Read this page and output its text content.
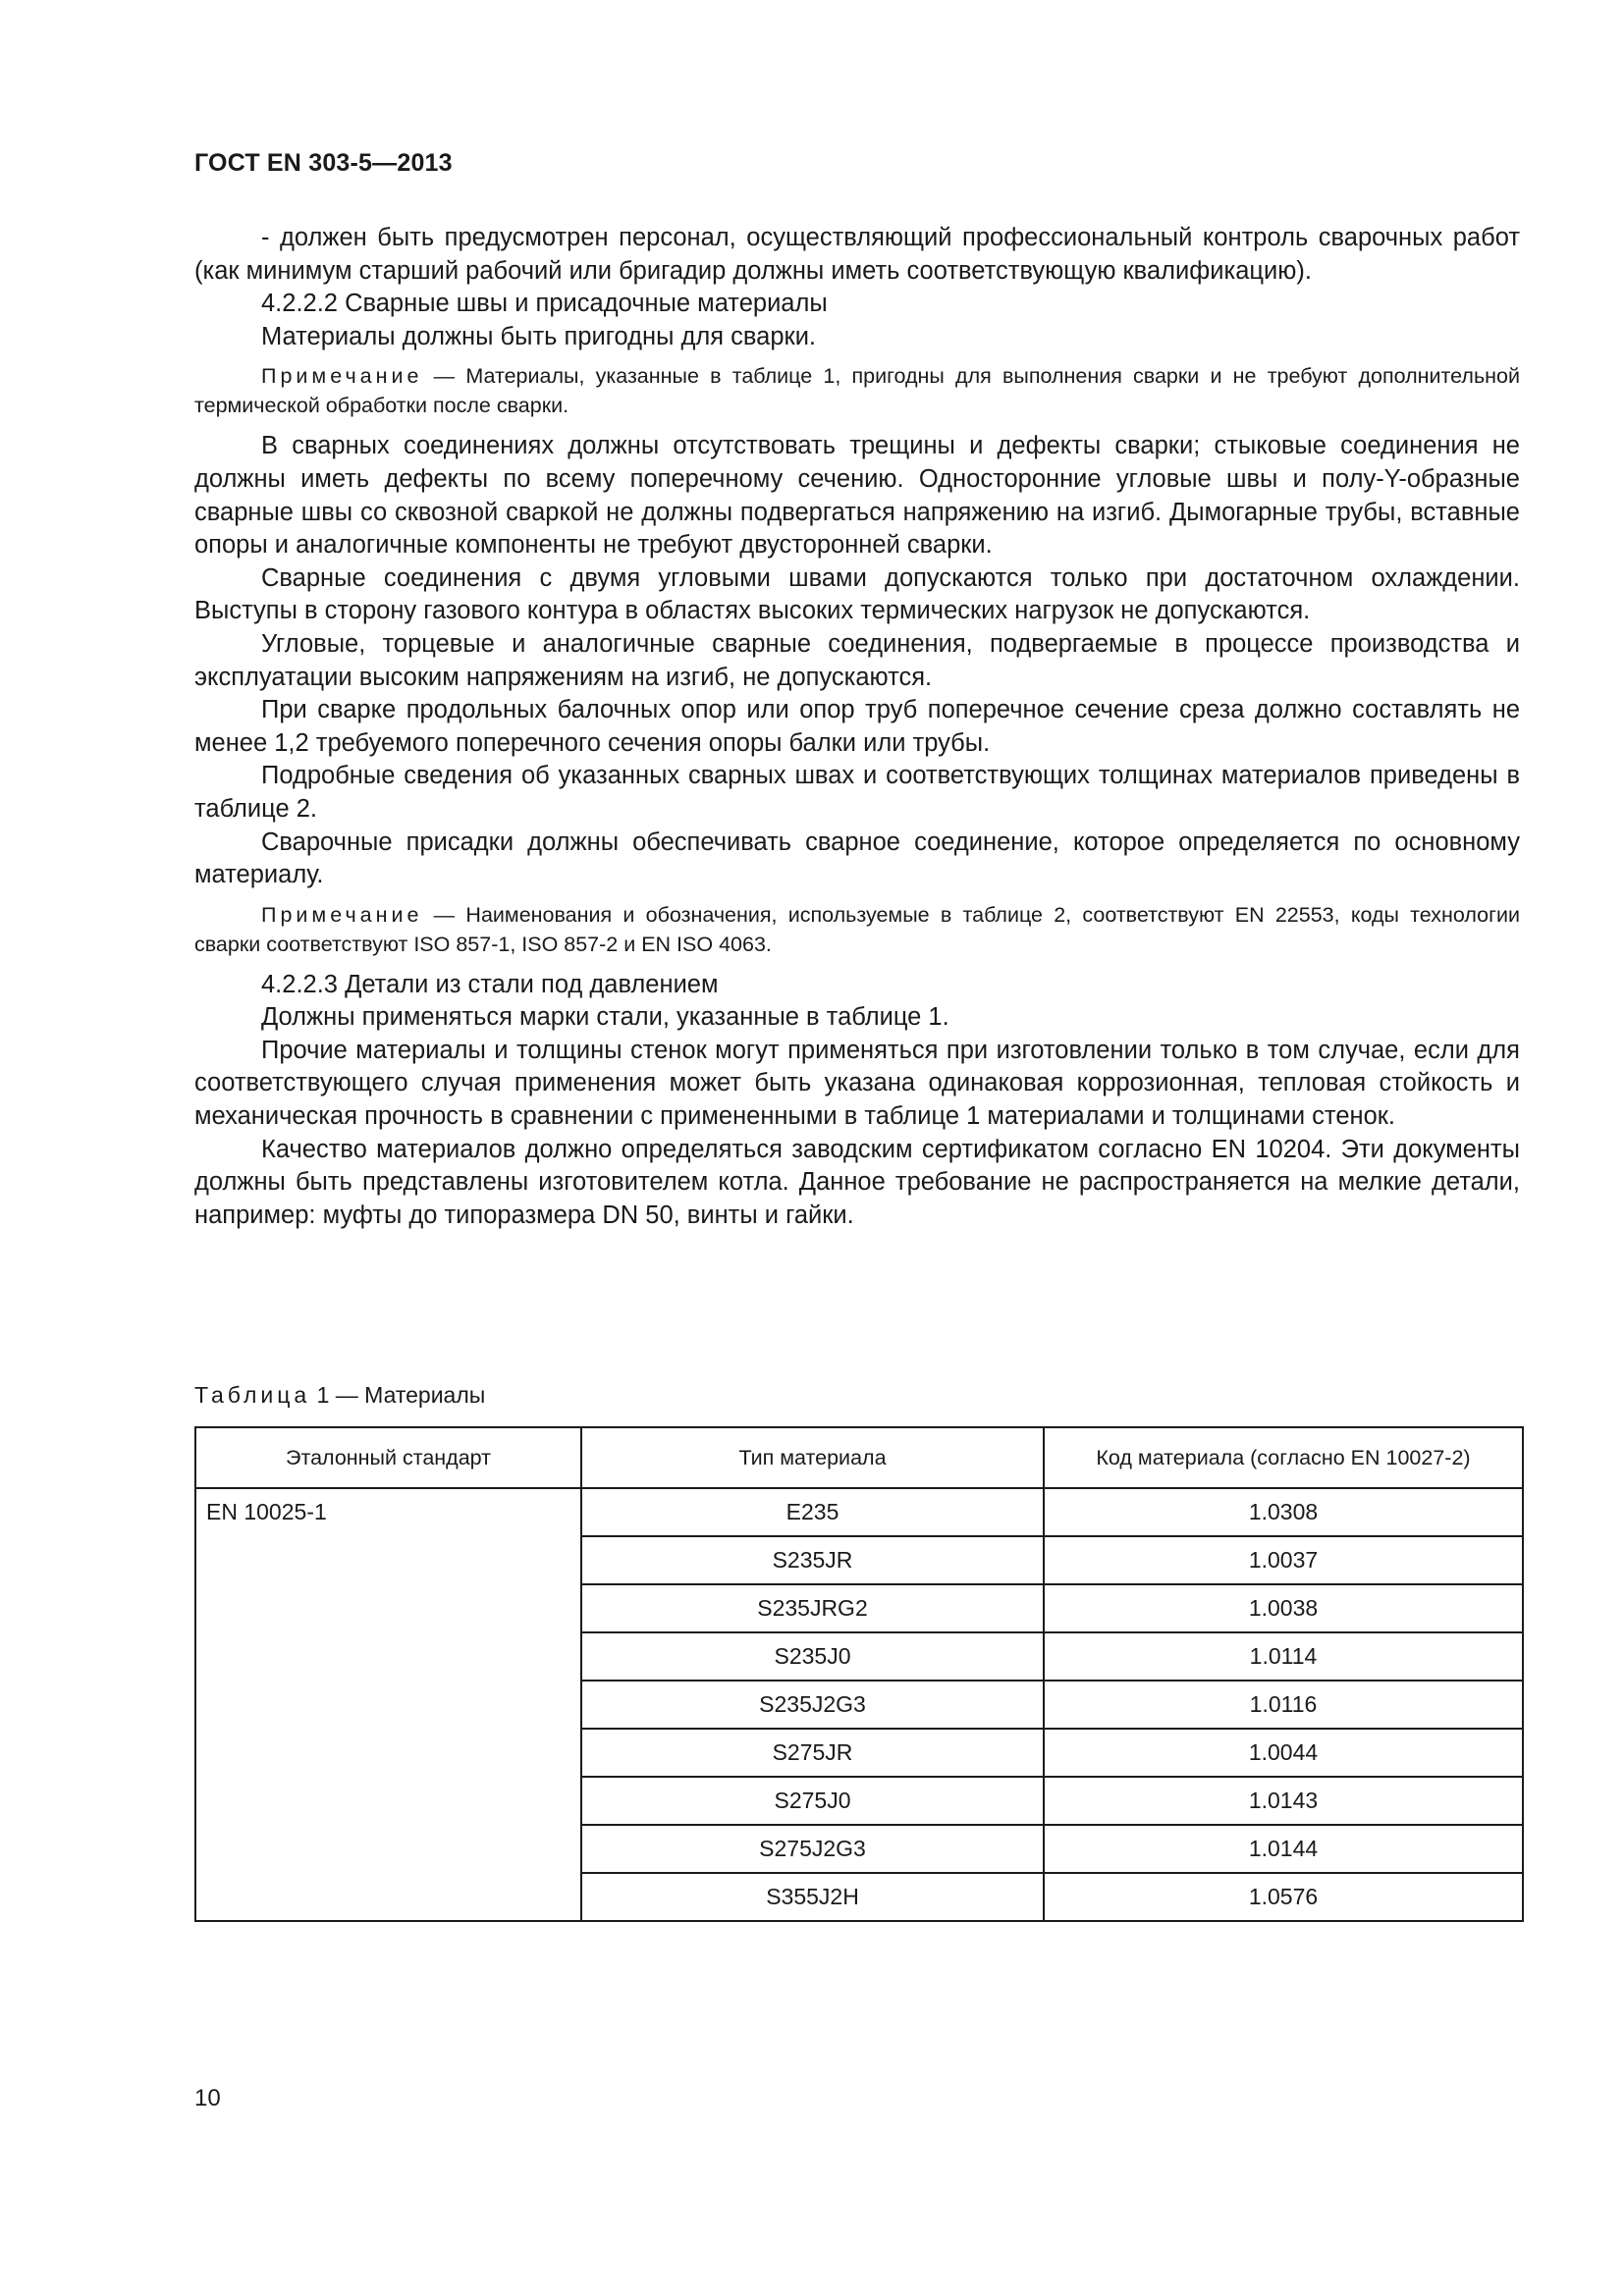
ГОСТ EN 303-5—2013

- должен быть предусмотрен персонал, осуществляющий профессиональный контроль сварочных работ (как минимум старший рабочий или бригадир должны иметь соответствующую квалификацию).

4.2.2.2 Сварные швы и присадочные материалы

Материалы должны быть пригодны для сварки.

Примечание — Материалы, указанные в таблице 1, пригодны для выполнения сварки и не требуют дополнительной термической обработки после сварки.

В сварных соединениях должны отсутствовать трещины и дефекты сварки; стыковые соединения не должны иметь дефекты по всему поперечному сечению. Односторонние угловые швы и полу-Y-образные сварные швы со сквозной сваркой не должны подвергаться напряжению на изгиб. Дымогарные трубы, вставные опоры и аналогичные компоненты не требуют двусторонней сварки.

Сварные соединения с двумя угловыми швами допускаются только при достаточном охлаждении. Выступы в сторону газового контура в областях высоких термических нагрузок не допускаются.

Угловые, торцевые и аналогичные сварные соединения, подвергаемые в процессе производства и эксплуатации высоким напряжениям на изгиб, не допускаются.

При сварке продольных балочных опор или опор труб поперечное сечение среза должно составлять не менее 1,2 требуемого поперечного сечения опоры балки или трубы.

Подробные сведения об указанных сварных швах и соответствующих толщинах материалов приведены в таблице 2.

Сварочные присадки должны обеспечивать сварное соединение, которое определяется по основному материалу.

Примечание — Наименования и обозначения, используемые в таблице 2, соответствуют EN 22553, коды технологии сварки соответствуют ISO 857-1, ISO 857-2 и EN ISO 4063.

4.2.2.3 Детали из стали под давлением

Должны применяться марки стали, указанные в таблице 1.

Прочие материалы и толщины стенок могут применяться при изготовлении только в том случае, если для соответствующего случая применения может быть указана одинаковая коррозионная, тепловая стойкость и механическая прочность в сравнении с примененными в таблице 1 материалами и толщинами стенок.

Качество материалов должно определяться заводским сертификатом согласно EN 10204. Эти документы должны быть представлены изготовителем котла. Данное требование не распространяется на мелкие детали, например: муфты до типоразмера DN 50, винты и гайки.

Таблица 1 — Материалы
Эталонный стандарт	Тип материала	Код материала (согласно EN 10027-2)
EN 10025-1	E235	1.0308
	S235JR	1.0037
	S235JRG2	1.0038
	S235J0	1.0114
	S235J2G3	1.0116
	S275JR	1.0044
	S275J0	1.0143
	S275J2G3	1.0144
	S355J2H	1.0576
10
